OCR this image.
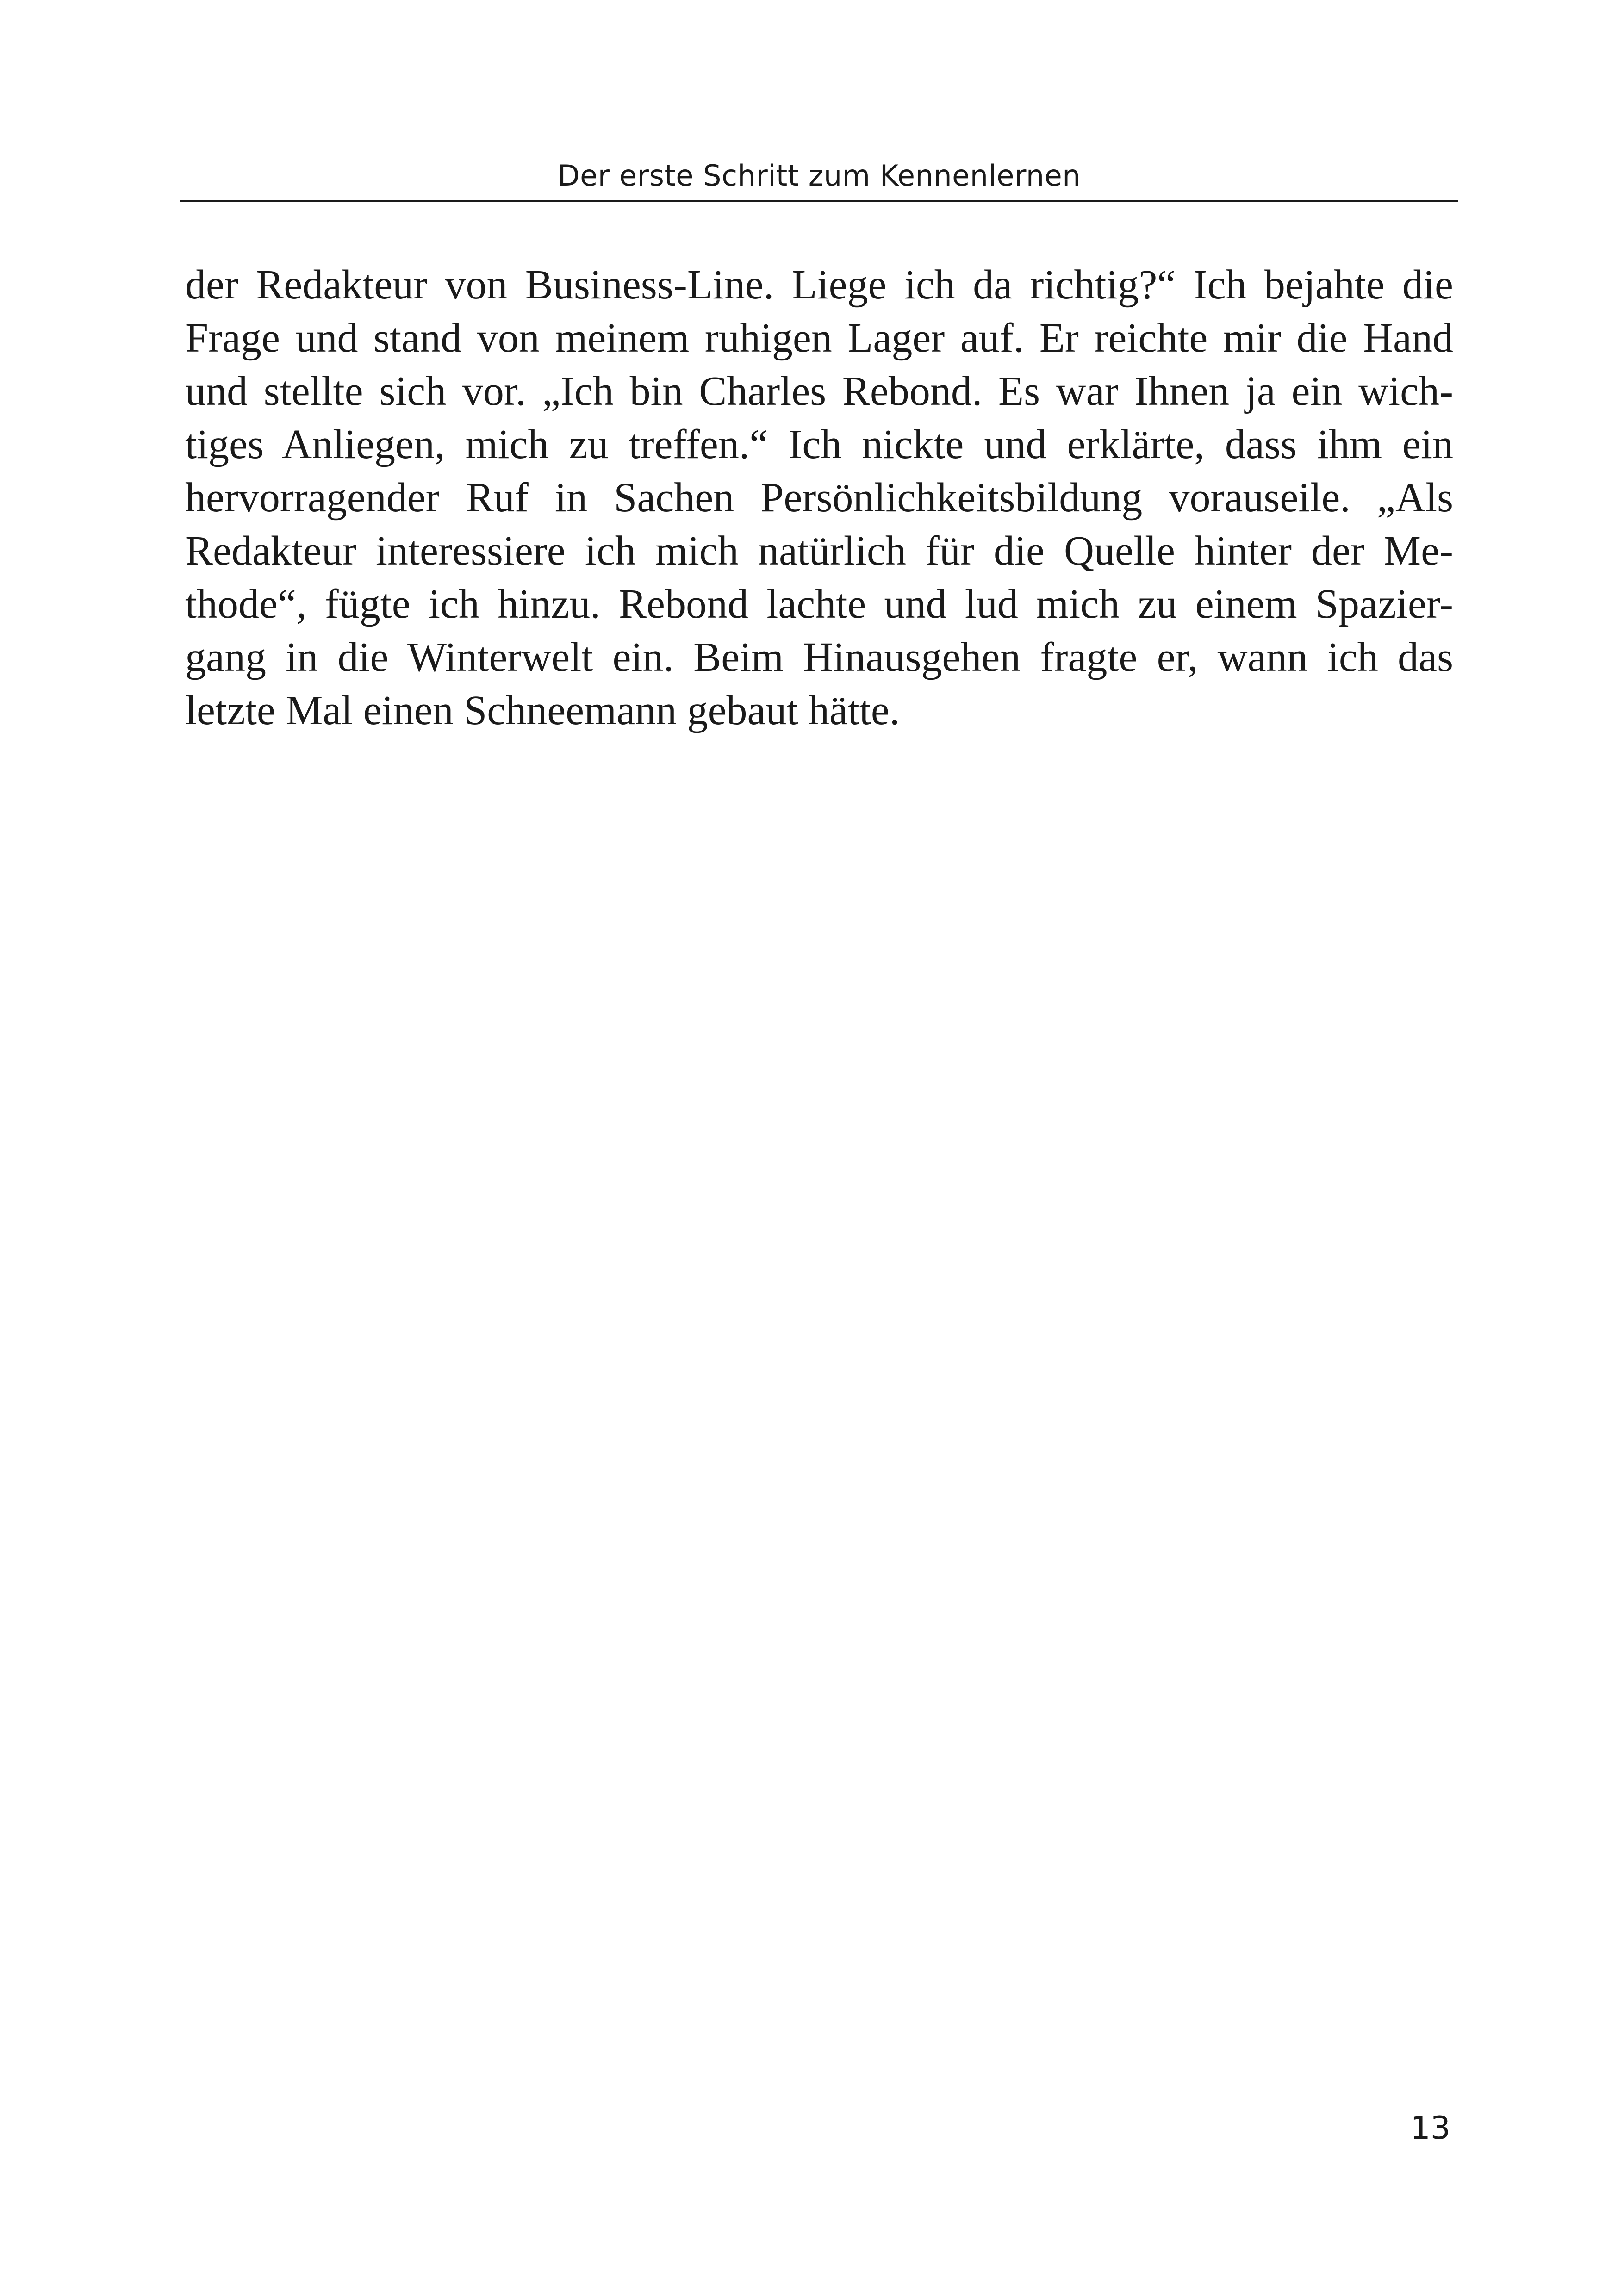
Der erste Schritt zum Kennenlernen
der Redakteur von Business-Line. Liege ich da richtig?“ Ich bejahte die
Frage und stand von meinem ruhigen Lager auf. Er reichte mir die Hand
und stellte sich vor. „Ich bin Charles Rebond. Es war Ihnen ja ein wich-
tiges Anliegen, mich zu treffen.“ Ich nickte und erklärte, dass ihm ein
hervorragender Ruf in Sachen Persönlichkeitsbildung vorauseile. „Als
Redakteur interessiere ich mich natürlich für die Quelle hinter der Me-
thode“, fügte ich hinzu. Rebond lachte und lud mich zu einem Spazier-
gang in die Winterwelt ein. Beim Hinausgehen fragte er, wann ich das
letzte Mal einen Schneemann gebaut hätte.
13
